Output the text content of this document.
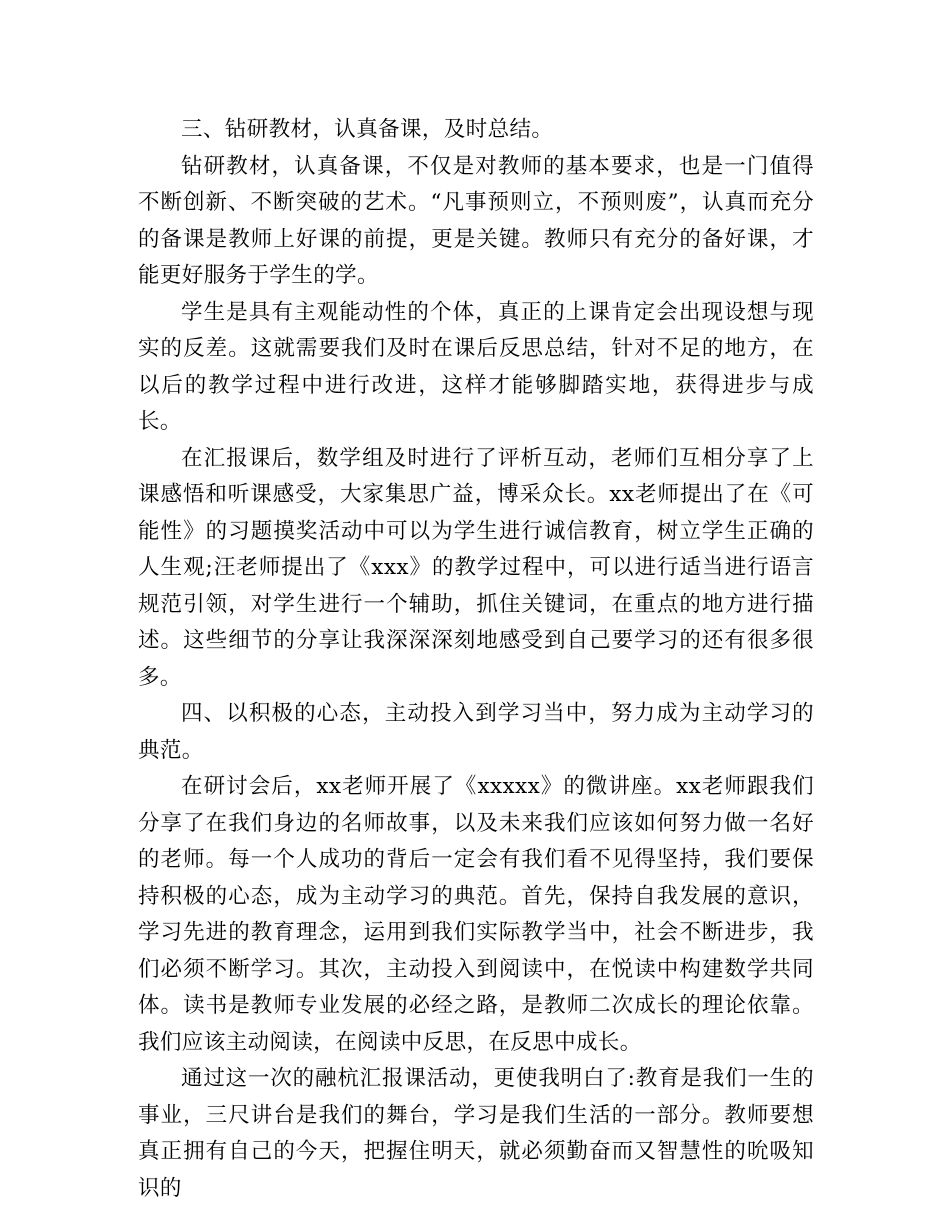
三、钻研教材，认真备课，及时总结。

钻研教材，认真备课，不仅是对教师的基本要求，也是一门值得不断创新、不断突破的艺术。“凡事预则立，不预则废”，认真而充分的备课是教师上好课的前提，更是关键。教师只有充分的备好课，才能更好服务于学生的学。

学生是具有主观能动性的个体，真正的上课肯定会出现设想与现实的反差。这就需要我们及时在课后反思总结，针对不足的地方，在以后的教学过程中进行改进，这样才能够脚踏实地，获得进步与成长。

在汇报课后，数学组及时进行了评析互动，老师们互相分享了上课感悟和听课感受，大家集思广益，博采众长。xx老师提出了在《可能性》的习题摸奖活动中可以为学生进行诚信教育，树立学生正确的人生观;汪老师提出了《xxx》的教学过程中，可以进行适当进行语言规范引领，对学生进行一个辅助，抓住关键词，在重点的地方进行描述。这些细节的分享让我深深深刻地感受到自己要学习的还有很多很多。

四、以积极的心态，主动投入到学习当中，努力成为主动学习的典范。

在研讨会后，xx老师开展了《xxxxx》的微讲座。xx老师跟我们分享了在我们身边的名师故事，以及未来我们应该如何努力做一名好的老师。每一个人成功的背后一定会有我们看不见得坚持，我们要保持积极的心态，成为主动学习的典范。首先，保持自我发展的意识，学习先进的教育理念，运用到我们实际教学当中，社会不断进步，我们必须不断学习。其次，主动投入到阅读中，在悦读中构建数学共同体。读书是教师专业发展的必经之路，是教师二次成长的理论依靠。我们应该主动阅读，在阅读中反思，在反思中成长。

通过这一次的融杭汇报课活动，更使我明白了:教育是我们一生的事业，三尺讲台是我们的舞台，学习是我们生活的一部分。教师要想真正拥有自己的今天，把握住明天，就必须勤奋而又智慧性的吮吸知识的
